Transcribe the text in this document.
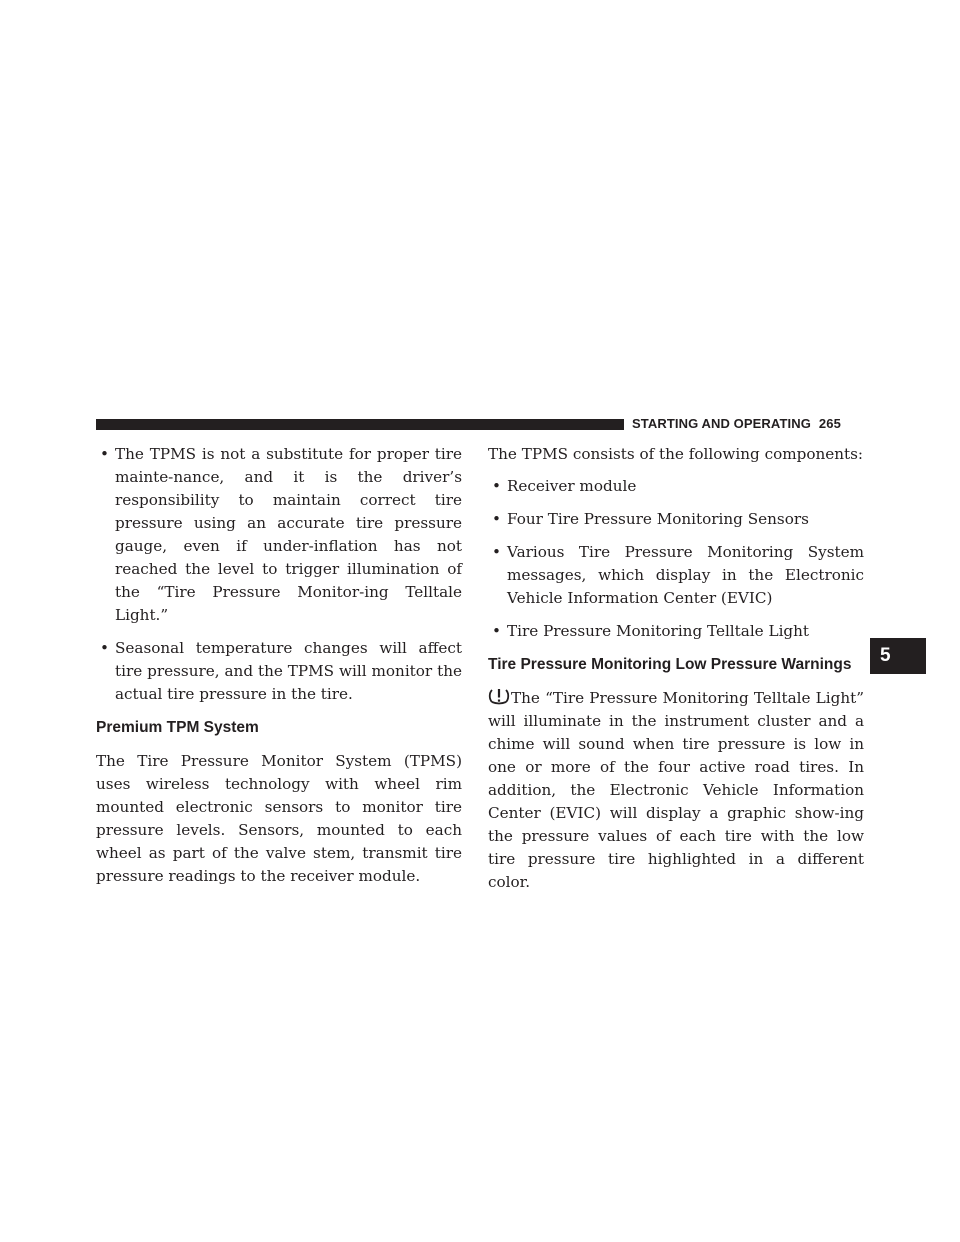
STARTING AND OPERATING 265
5
• The TPMS is not a substitute for proper tire mainte-nance, and it is the driver’s responsibility to maintain correct tire pressure using an accurate tire pressure gauge, even if under-inflation has not reached the level to trigger illumination of the “Tire Pressure Monitor-ing Telltale Light.”
• Seasonal temperature changes will affect tire pressure, and the TPMS will monitor the actual tire pressure in the tire.
Premium TPM System

The Tire Pressure Monitor System (TPMS) uses wireless technology with wheel rim mounted electronic sensors to monitor tire pressure levels. Sensors, mounted to each wheel as part of the valve stem, transmit tire pressure readings to the receiver module.

The TPMS consists of the following components:

• Receiver module
• Four Tire Pressure Monitoring Sensors
• Various Tire Pressure Monitoring System messages, which display in the Electronic Vehicle Information Center (EVIC)
• Tire Pressure Monitoring Telltale Light
Tire Pressure Monitoring Low Pressure Warnings

The “Tire Pressure Monitoring Telltale Light” will illuminate in the instrument cluster and a chime will sound when tire pressure is low in one or more of the four active road tires. In addition, the Electronic Vehicle Information Center (EVIC) will display a graphic show-ing the pressure values of each tire with the low tire pressure tire highlighted in a different color.
